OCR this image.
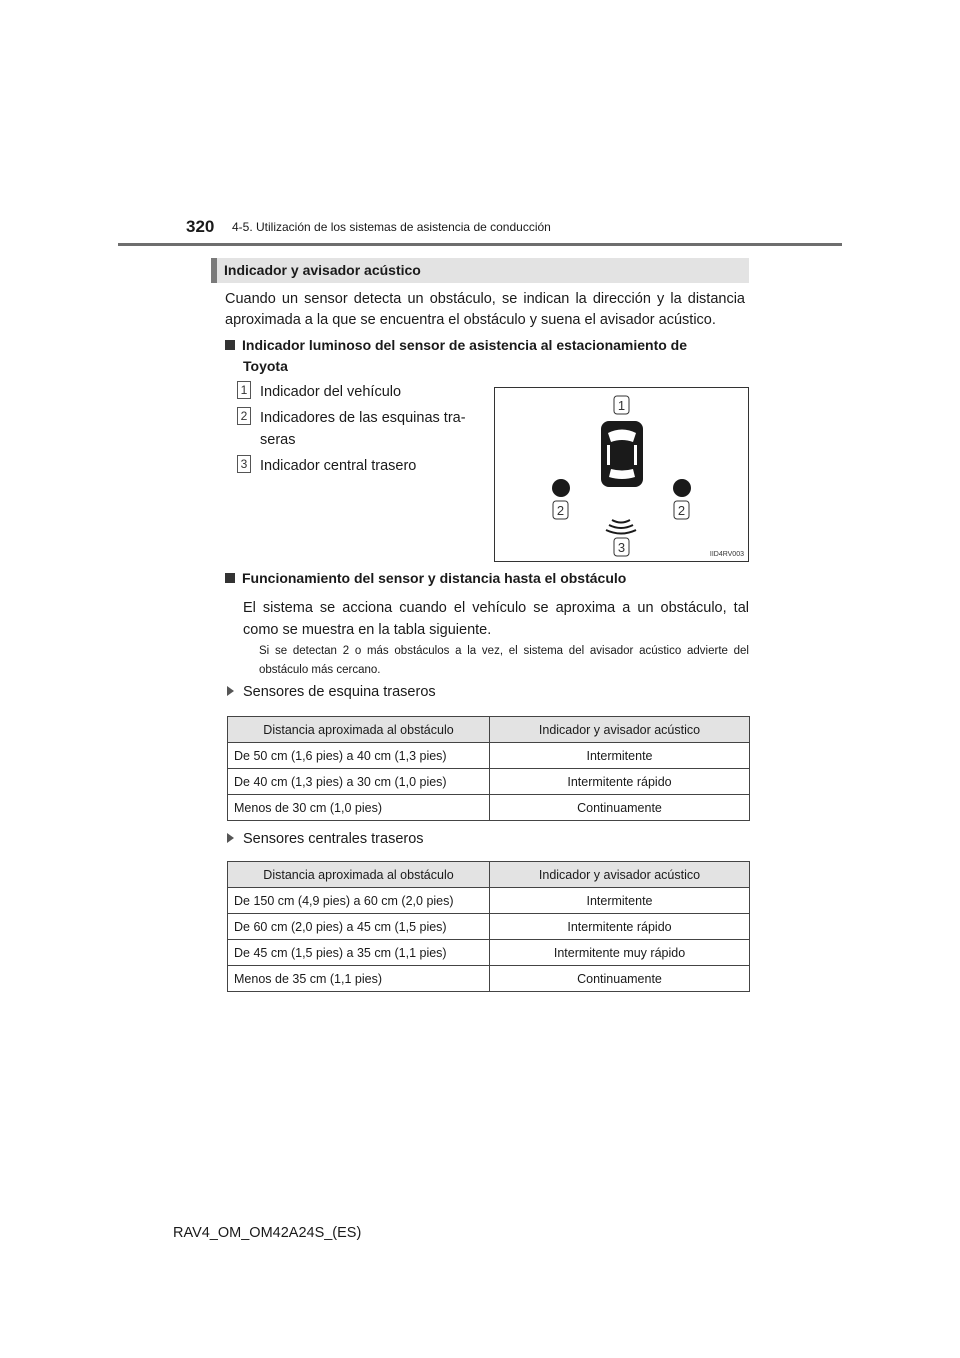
320 4-5. Utilización de los sistemas de asistencia de conducción
Indicador y avisador acústico
Cuando un sensor detecta un obstáculo, se indican la dirección y la distancia aproximada a la que se encuentra el obstáculo y suena el avisador acústico.
Indicador luminoso del sensor de asistencia al estacionamiento de
Toyota
1 Indicador del vehículo
2 Indicadores de las esquinas tra-
seras
3 Indicador central trasero
1
2	2
3	IID4RV003
Funcionamiento del sensor y distancia hasta el obstáculo
El sistema se acciona cuando el vehículo se aproxima a un obstáculo, tal como se muestra en la tabla siguiente.
Si se detectan 2 o más obstáculos a la vez, el sistema del avisador acústico advierte del obstáculo más cercano.
Sensores de esquina traseros
Distancia aproximada al obstáculo	Indicador y avisador acústico
De 50 cm (1,6 pies) a 40 cm (1,3 pies)	Intermitente
De 40 cm (1,3 pies) a 30 cm (1,0 pies)	Intermitente rápido
Menos de 30 cm (1,0 pies)	Continuamente
Sensores centrales traseros
Distancia aproximada al obstáculo	Indicador y avisador acústico
De 150 cm (4,9 pies) a 60 cm (2,0 pies)	Intermitente
De 60 cm (2,0 pies) a 45 cm (1,5 pies)	Intermitente rápido
De 45 cm (1,5 pies) a 35 cm (1,1 pies)	Intermitente muy rápido
Menos de 35 cm (1,1 pies)	Continuamente
RAV4_OM_OM42A24S_(ES)
